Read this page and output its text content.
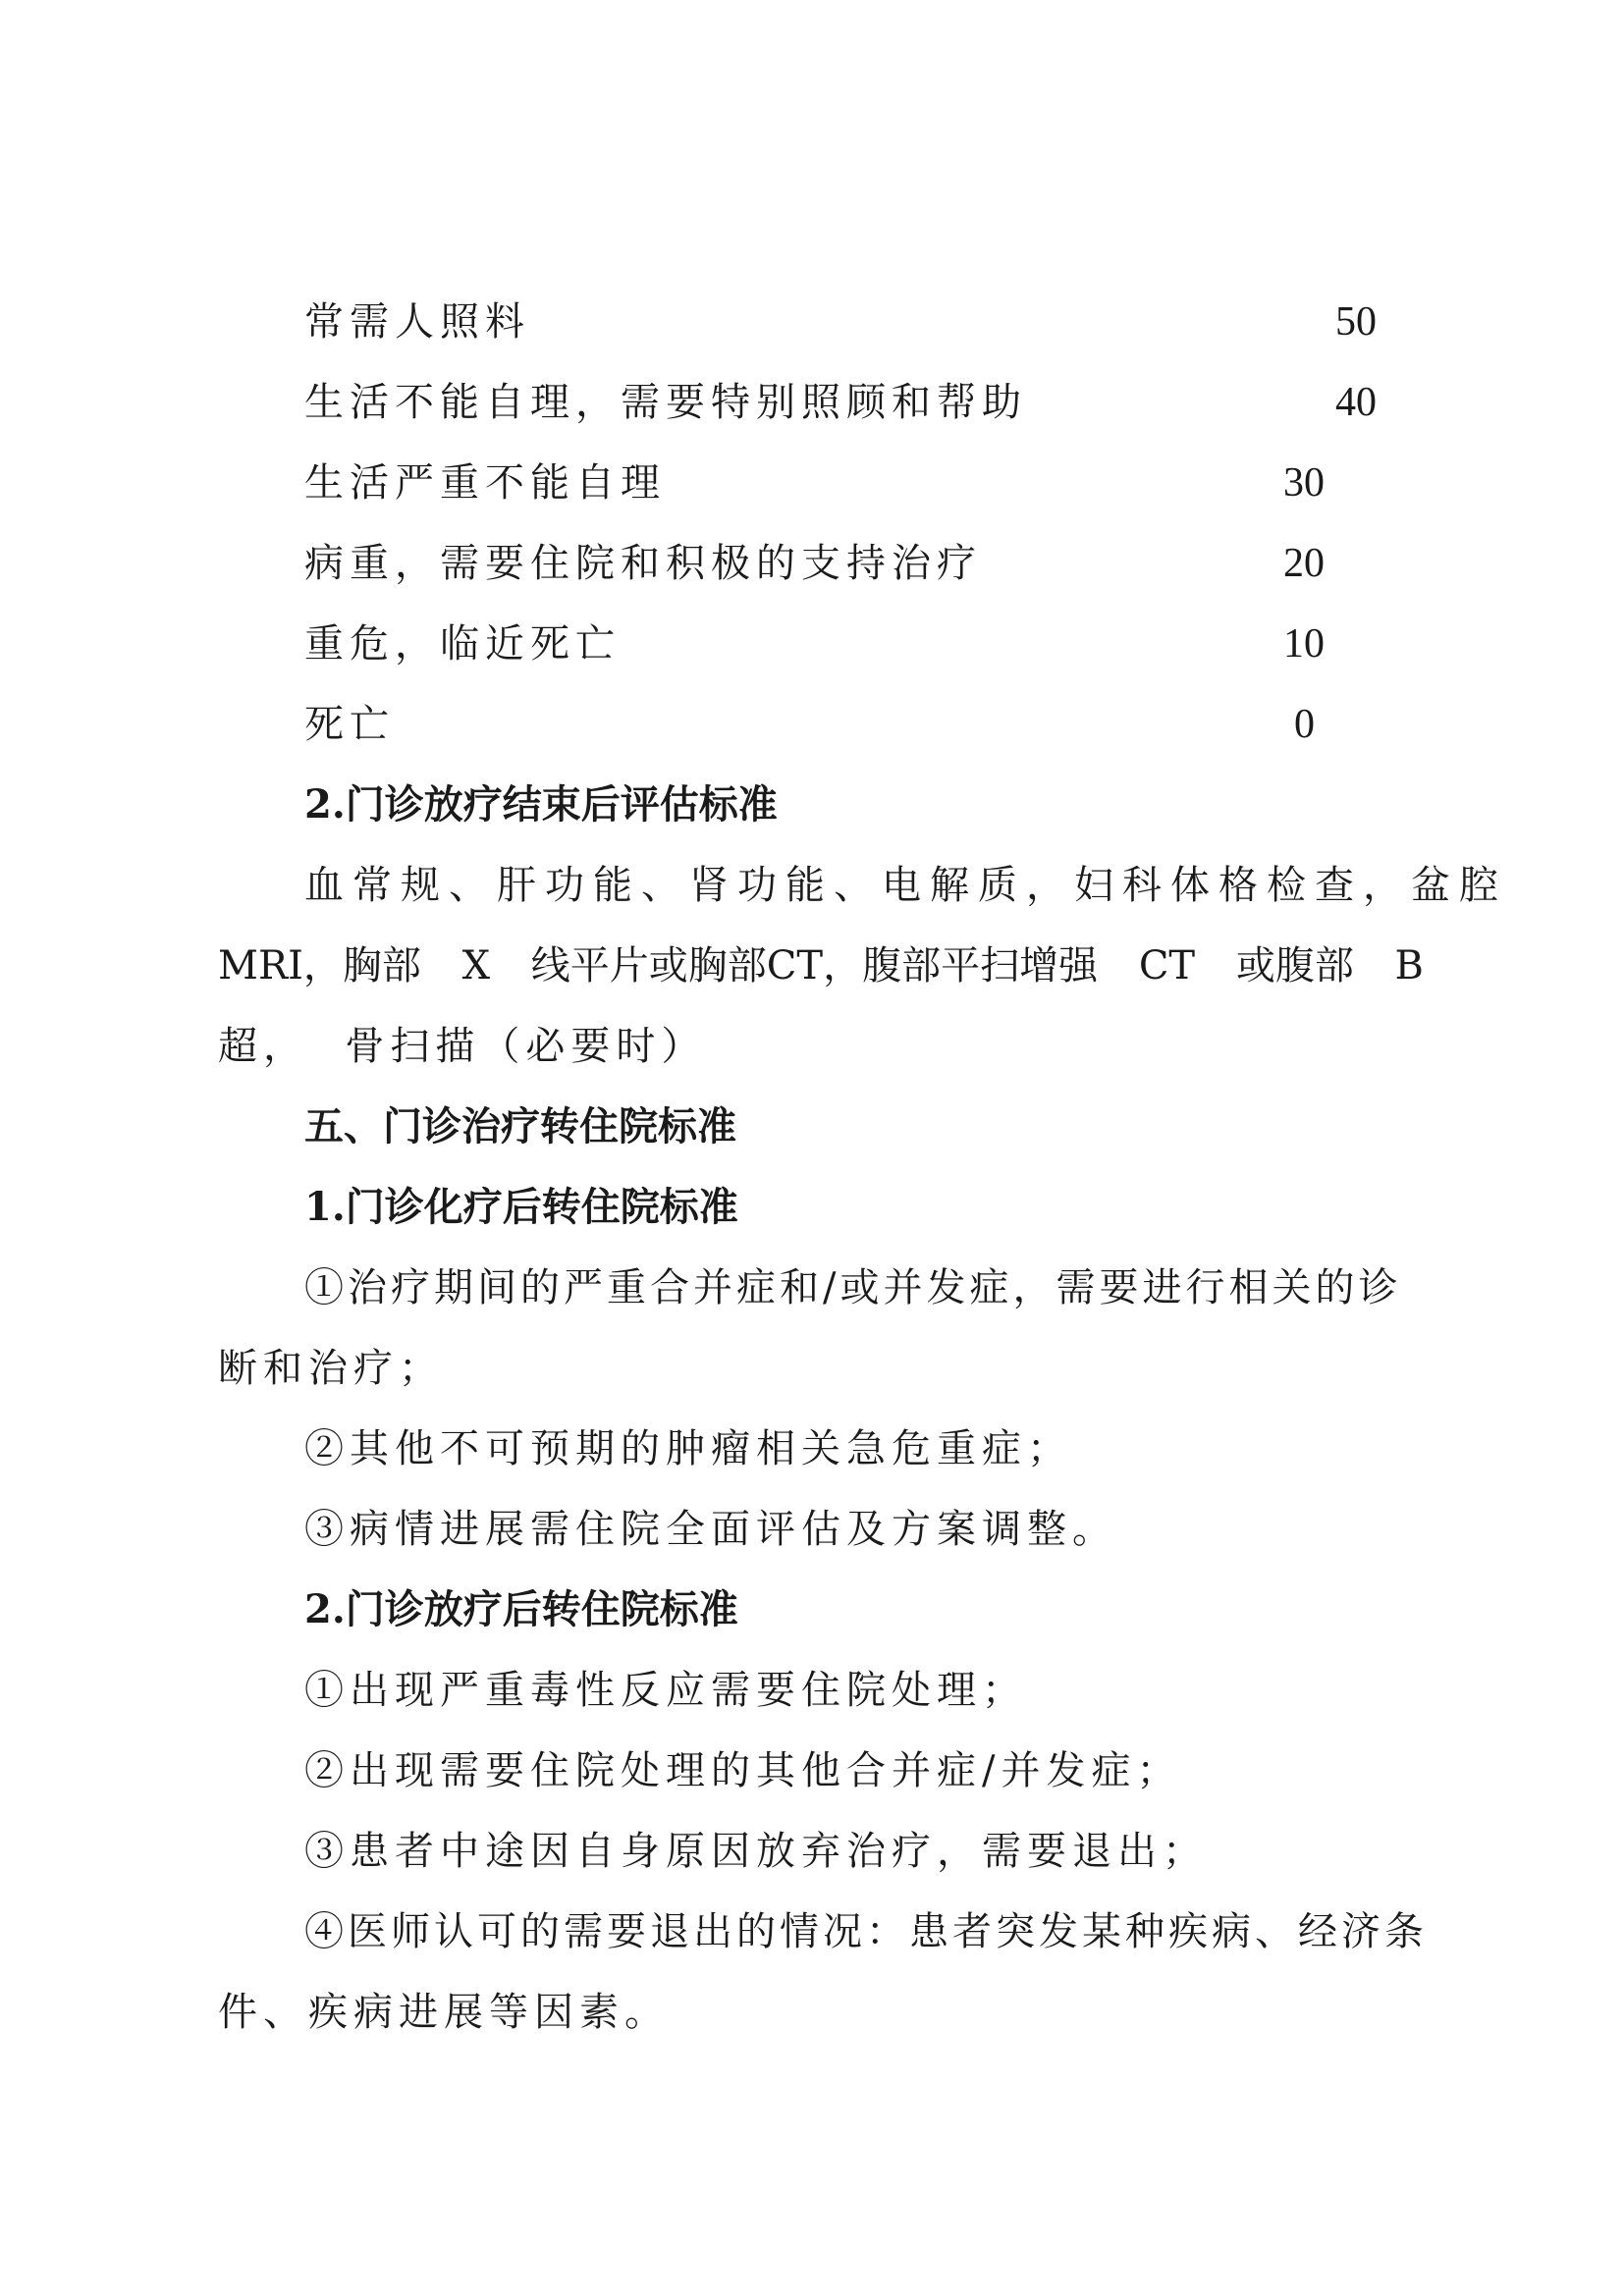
常需人照料	50
生活不能自理，需要特别照顾和帮助	40
生活严重不能自理	30
病重，需要住院和积极的支持治疗	20
重危，临近死亡	10
死亡	0
2.门诊放疗结束后评估标准
血常规、肝功能、肾功能、电解质，妇科体格检查，盆腔
MRI，胸部 X 线平片或胸部CT，腹部平扫增强 CT 或腹部 B
超，  骨扫描（必要时）
五、门诊治疗转住院标准
1.门诊化疗后转住院标准
①治疗期间的严重合并症和/或并发症，需要进行相关的诊
断和治疗；
②其他不可预期的肿瘤相关急危重症；
③病情进展需住院全面评估及方案调整。
2.门诊放疗后转住院标准
①出现严重毒性反应需要住院处理；
②出现需要住院处理的其他合并症/并发症；
③患者中途因自身原因放弃治疗，需要退出；
④医师认可的需要退出的情况：患者突发某种疾病、经济条
件、疾病进展等因素。
